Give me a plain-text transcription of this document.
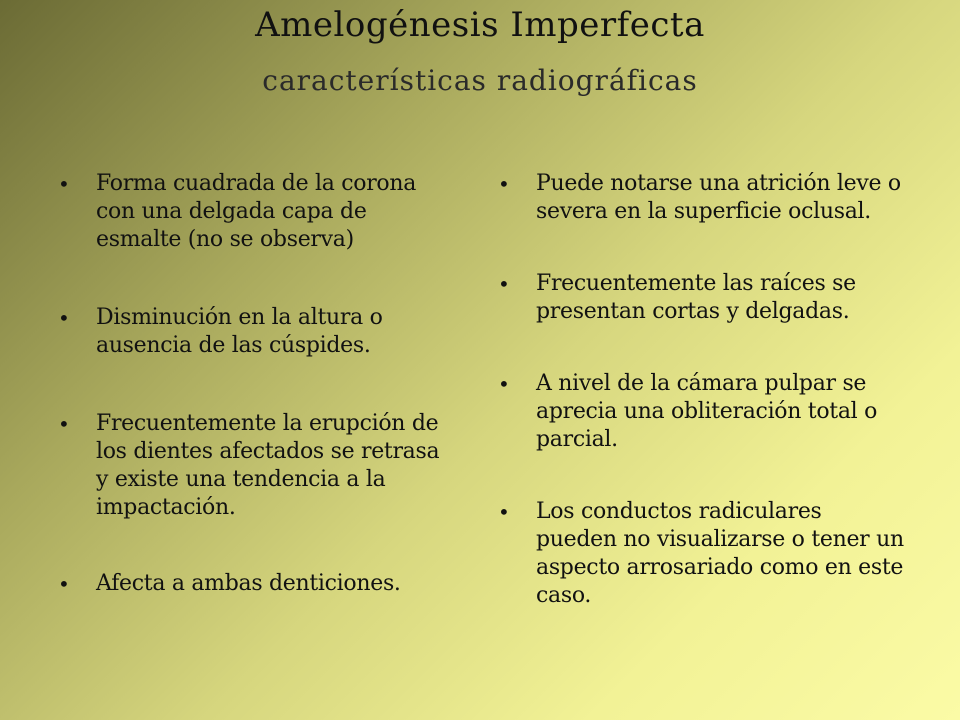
Amelogénesis Imperfecta
características radiográficas
• Forma cuadrada de la corona con una delgada capa de esmalte (no se observa)
• Disminución en la altura o ausencia de las cúspides.
• Frecuentemente la erupción de los dientes afectados se retrasa y existe una tendencia a la impactación.
• Afecta a ambas denticiones.
• Puede notarse una atrición leve o severa en la superficie oclusal.
• Frecuentemente las raíces se presentan cortas y delgadas.
• A nivel de la cámara pulpar se aprecia una obliteración total o parcial.
• Los conductos radiculares pueden no visualizarse o tener un aspecto arrosariado como en este caso.
